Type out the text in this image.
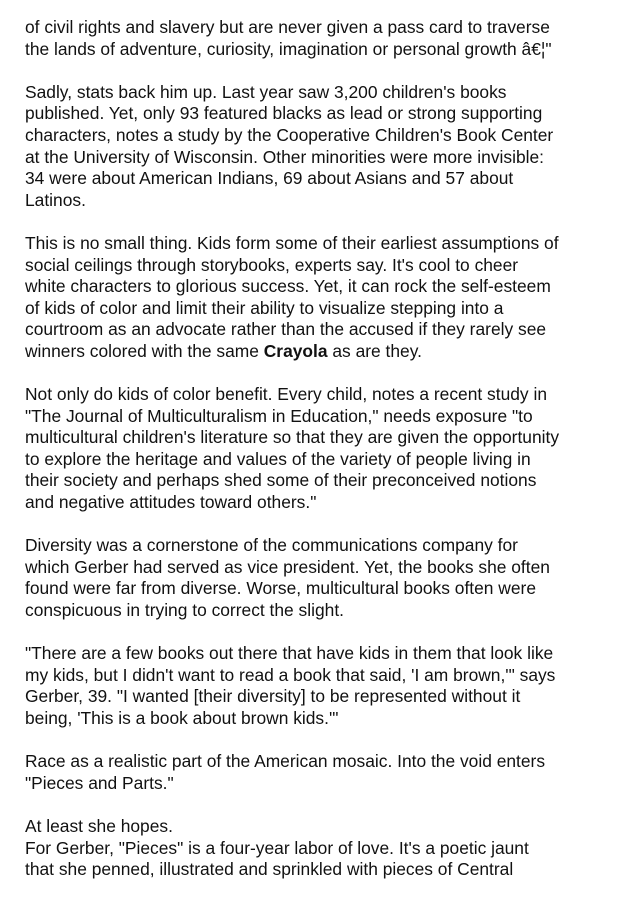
of civil rights and slavery but are never given a pass card to traverse
the lands of adventure, curiosity, imagination or personal growth â€¦"

Sadly, stats back him up. Last year saw 3,200 children's books
published. Yet, only 93 featured blacks as lead or strong supporting
characters, notes a study by the Cooperative Children's Book Center
at the University of Wisconsin. Other minorities were more invisible:
34 were about American Indians, 69 about Asians and 57 about
Latinos.

This is no small thing. Kids form some of their earliest assumptions of
social ceilings through storybooks, experts say. It's cool to cheer
white characters to glorious success. Yet, it can rock the self-esteem
of kids of color and limit their ability to visualize stepping into a
courtroom as an advocate rather than the accused if they rarely see
winners colored with the same Crayola as are they.

Not only do kids of color benefit. Every child, notes a recent study in
"The Journal of Multiculturalism in Education," needs exposure "to
multicultural children's literature so that they are given the opportunity
to explore the heritage and values of the variety of people living in
their society and perhaps shed some of their preconceived notions
and negative attitudes toward others."

Diversity was a cornerstone of the communications company for
which Gerber had served as vice president. Yet, the books she often
found were far from diverse. Worse, multicultural books often were
conspicuous in trying to correct the slight.

"There are a few books out there that have kids in them that look like
my kids, but I didn't want to read a book that said, 'I am brown,'" says
Gerber, 39. "I wanted [their diversity] to be represented without it
being, 'This is a book about brown kids.'"

Race as a realistic part of the American mosaic. Into the void enters
"Pieces and Parts."

At least she hopes.

For Gerber, "Pieces" is a four-year labor of love. It's a poetic jaunt
that she penned, illustrated and sprinkled with pieces of Central
